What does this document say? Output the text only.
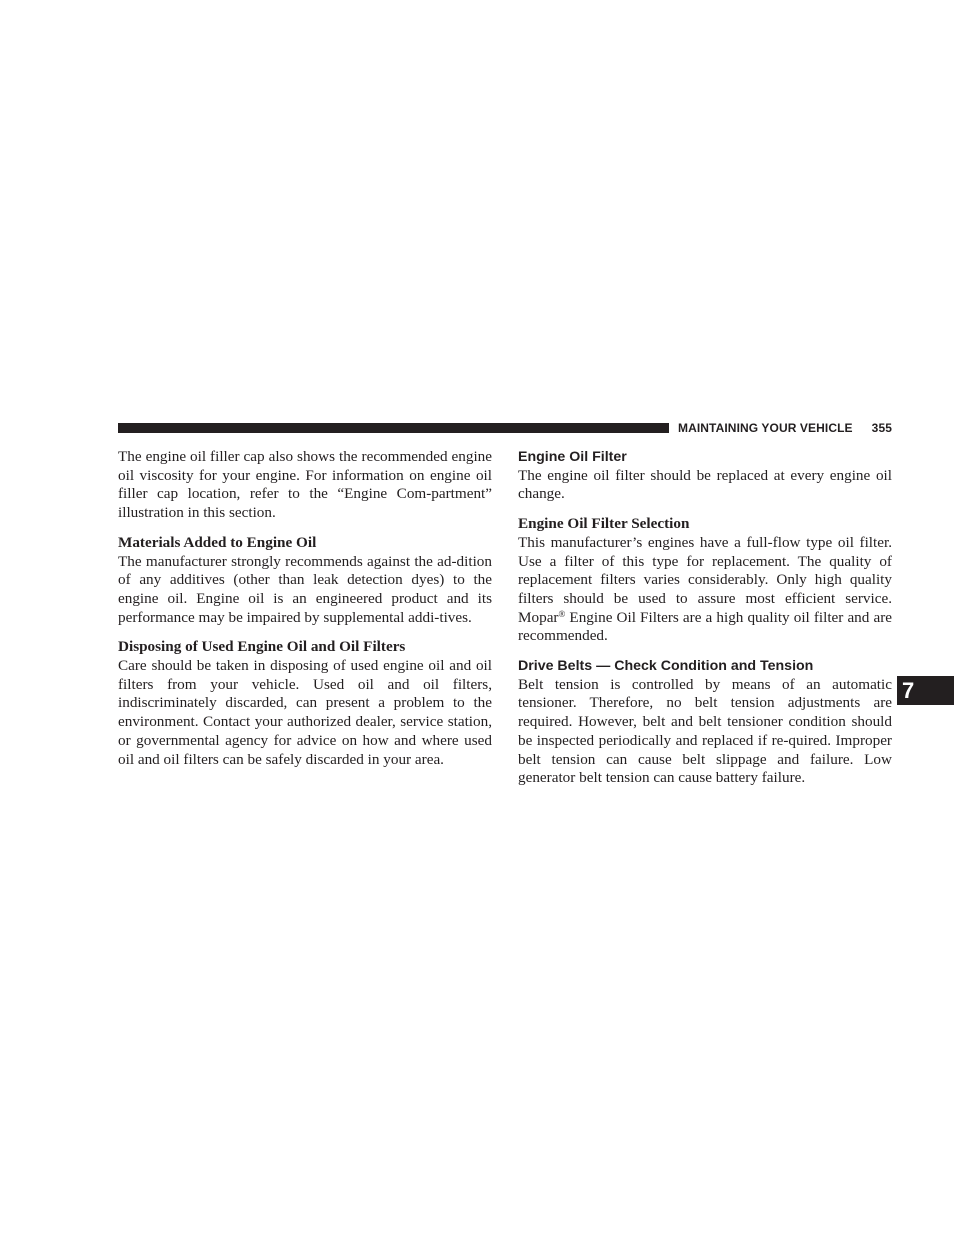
MAINTAINING YOUR VEHICLE 355
7

The engine oil filler cap also shows the recommended engine oil viscosity for your engine. For information on engine oil filler cap location, refer to the “Engine Com-partment” illustration in this section.

Materials Added to Engine Oil

The manufacturer strongly recommends against the ad-dition of any additives (other than leak detection dyes) to the engine oil. Engine oil is an engineered product and its performance may be impaired by supplemental addi-tives.

Disposing of Used Engine Oil and Oil Filters

Care should be taken in disposing of used engine oil and oil filters from your vehicle. Used oil and oil filters, indiscriminately discarded, can present a problem to the environment. Contact your authorized dealer, service station, or governmental agency for advice on how and where used oil and oil filters can be safely discarded in your area.

Engine Oil Filter

The engine oil filter should be replaced at every engine oil change.

Engine Oil Filter Selection

This manufacturer’s engines have a full-flow type oil filter. Use a filter of this type for replacement. The quality of replacement filters varies considerably. Only high quality filters should be used to assure most efficient service. Mopar® Engine Oil Filters are a high quality oil filter and are recommended.

Drive Belts — Check Condition and Tension

Belt tension is controlled by means of an automatic tensioner. Therefore, no belt tension adjustments are required. However, belt and belt tensioner condition should be inspected periodically and replaced if re-quired. Improper belt tension can cause belt slippage and failure. Low generator belt tension can cause battery failure.
